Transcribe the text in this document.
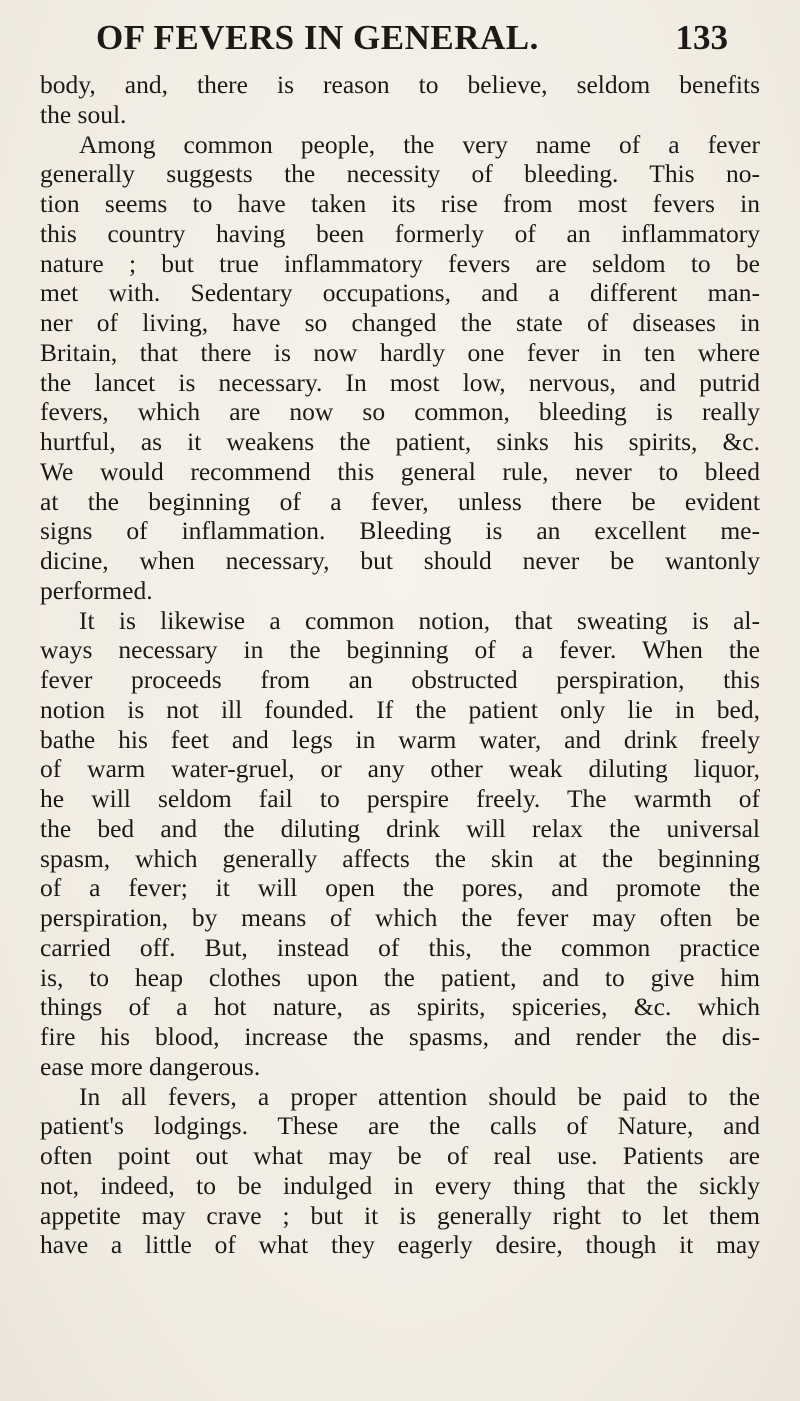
OF FEVERS IN GENERAL.	133
body, and, there is reason to believe, seldom benefits
the soul.
Among common people, the very name of a fever
generally suggests the necessity of bleeding. This no-
tion seems to have taken its rise from most fevers in
this country having been formerly of an inflammatory
nature ; but true inflammatory fevers are seldom to be
met with. Sedentary occupations, and a different man-
ner of living, have so changed the state of diseases in
Britain, that there is now hardly one fever in ten where
the lancet is necessary. In most low, nervous, and putrid
fevers, which are now so common, bleeding is really
hurtful, as it weakens the patient, sinks his spirits, &c.
We would recommend this general rule, never to bleed
at the beginning of a fever, unless there be evident
signs of inflammation. Bleeding is an excellent me-
dicine, when necessary, but should never be wantonly
performed.
It is likewise a common notion, that sweating is al-
ways necessary in the beginning of a fever. When the
fever proceeds from an obstructed perspiration, this
notion is not ill founded. If the patient only lie in bed,
bathe his feet and legs in warm water, and drink freely
of warm water-gruel, or any other weak diluting liquor,
he will seldom fail to perspire freely. The warmth of
the bed and the diluting drink will relax the universal
spasm, which generally affects the skin at the beginning
of a fever; it will open the pores, and promote the
perspiration, by means of which the fever may often be
carried off. But, instead of this, the common practice
is, to heap clothes upon the patient, and to give him
things of a hot nature, as spirits, spiceries, &c. which
fire his blood, increase the spasms, and render the dis-
ease more dangerous.
In all fevers, a proper attention should be paid to the
patient's lodgings. These are the calls of Nature, and
often point out what may be of real use. Patients are
not, indeed, to be indulged in every thing that the sickly
appetite may crave ; but it is generally right to let them
have a little of what they eagerly desire, though it may
